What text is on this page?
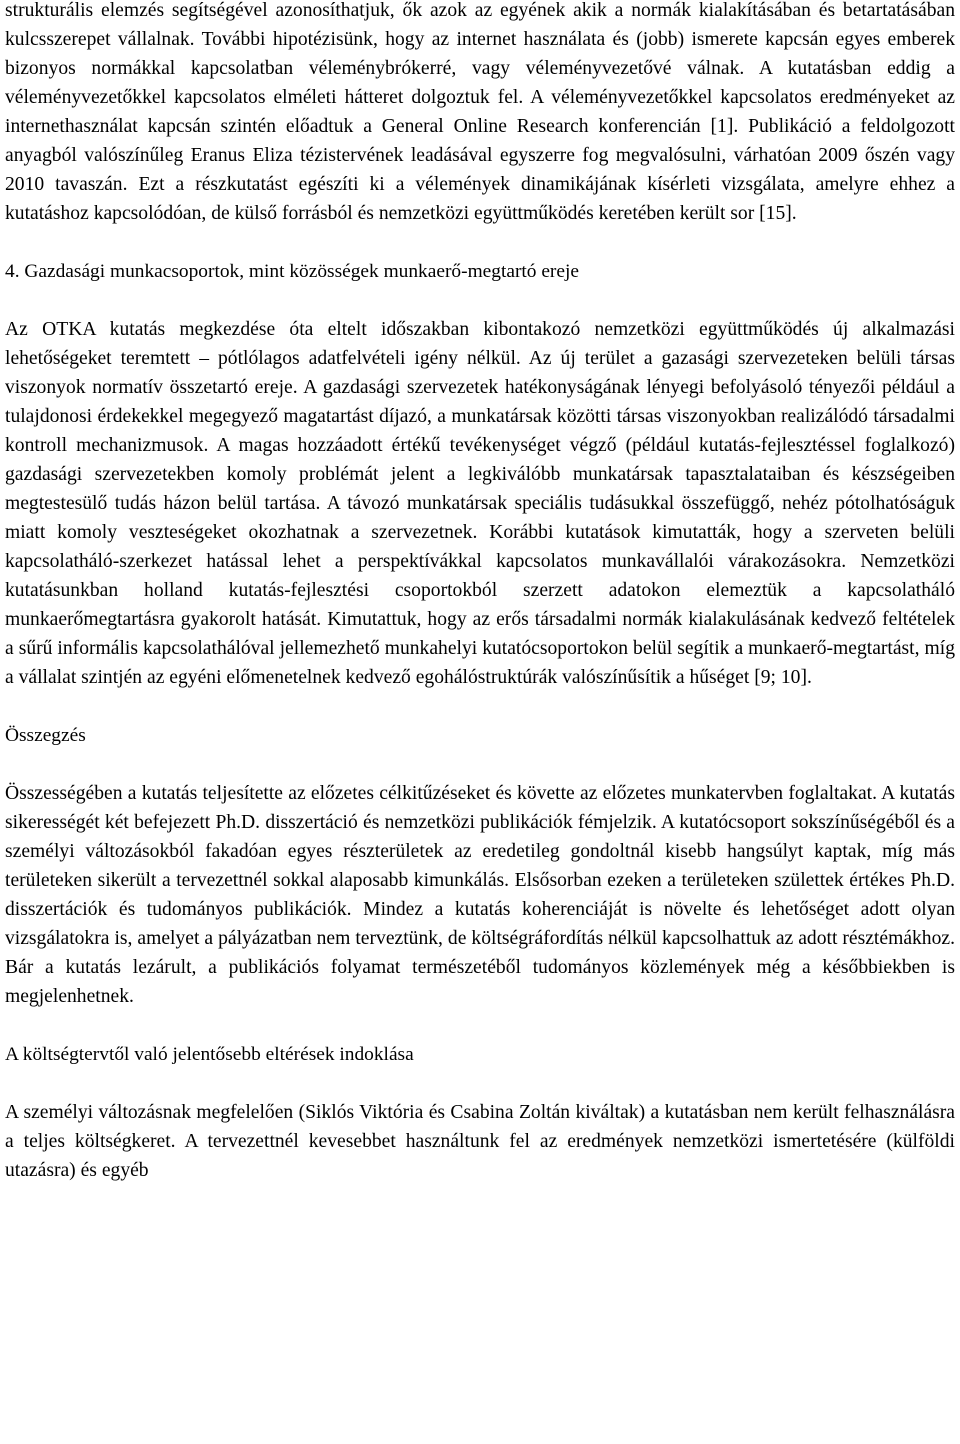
strukturális elemzés segítségével azonosíthatjuk, ők azok az egyének akik a normák kialakításában és betartatásában kulcsszerepet vállalnak. További hipotézisünk, hogy az internet használata és (jobb) ismerete kapcsán egyes emberek bizonyos normákkal kapcsolatban véleménybrókerré, vagy véleményvezetővé válnak. A kutatásban eddig a véleményvezetőkkel kapcsolatos elméleti hátteret dolgoztuk fel. A véleményvezetőkkel kapcsolatos eredményeket az internethasználat kapcsán szintén előadtuk a General Online Research konferencián [1]. Publikáció a feldolgozott anyagból valószínűleg Eranus Eliza tézistervének leadásával egyszerre fog megvalósulni, várhatóan 2009 őszén vagy 2010 tavaszán. Ezt a részkutatást egészíti ki a vélemények dinamikájának kísérleti vizsgálata, amelyre ehhez a kutatáshoz kapcsolódóan, de külső forrásból és nemzetközi együttműködés keretében került sor [15].

4. Gazdasági munkacsoportok, mint közösségek munkaerő-megtartó ereje

Az OTKA kutatás megkezdése óta eltelt időszakban kibontakozó nemzetközi együttműködés új alkalmazási lehetőségeket teremtett – pótlólagos adatfelvételi igény nélkül. Az új terület a gazasági szervezeteken belüli társas viszonyok normatív összetartó ereje. A gazdasági szervezetek hatékonyságának lényegi befolyásoló tényezői például a tulajdonosi érdekekkel megegyező magatartást díjazó, a munkatársak közötti társas viszonyokban realizálódó társadalmi kontroll mechanizmusok. A magas hozzáadott értékű tevékenységet végző (például kutatás-fejlesztéssel foglalkozó) gazdasági szervezetekben komoly problémát jelent a legkiválóbb munkatársak tapasztalataiban és készségeiben megtestesülő tudás házon belül tartása. A távozó munkatársak speciális tudásukkal összefüggő, nehéz pótolhatóságuk miatt komoly veszteségeket okozhatnak a szervezetnek. Korábbi kutatások kimutatták, hogy a szerveten belüli kapcsolatháló-szerkezet hatással lehet a perspektívákkal kapcsolatos munkavállalói várakozásokra. Nemzetközi kutatásunkban holland kutatás-fejlesztési csoportokból szerzett adatokon elemeztük a kapcsolatháló munkaerőmegtartásra gyakorolt hatását. Kimutattuk, hogy az erős társadalmi normák kialakulásának kedvező feltételek a sűrű informális kapcsolathálóval jellemezhető munkahelyi kutatócsoportokon belül segítik a munkaerő-megtartást, míg a vállalat szintjén az egyéni előmenetelnek kedvező egohálóstruktúrák valószínűsítik a hűséget [9; 10].

Összegzés

Összességében a kutatás teljesítette az előzetes célkitűzéseket és követte az előzetes munkatervben foglaltakat. A kutatás sikerességét két befejezett Ph.D. disszertáció és nemzetközi publikációk fémjelzik. A kutatócsoport sokszínűségéből és a személyi változásokból fakadóan egyes részterületek az eredetileg gondoltnál kisebb hangsúlyt kaptak, míg más területeken sikerült a tervezettnél sokkal alaposabb kimunkálás. Elsősorban ezeken a területeken születtek értékes Ph.D. disszertációk és tudományos publikációk. Mindez a kutatás koherenciáját is növelte és lehetőséget adott olyan vizsgálatokra is, amelyet a pályázatban nem terveztünk, de költségráfordítás nélkül kapcsolhattuk az adott résztémákhoz. Bár a kutatás lezárult, a publikációs folyamat természetéből tudományos közlemények még a későbbiekben is megjelenhetnek.

A költségtervtől való jelentősebb eltérések indoklása

A személyi változásnak megfelelően (Siklós Viktória és Csabina Zoltán kiváltak) a kutatásban nem került felhasználásra a teljes költségkeret. A tervezettnél kevesebbet használtunk fel az eredmények nemzetközi ismertetésére (külföldi utazásra) és egyéb
